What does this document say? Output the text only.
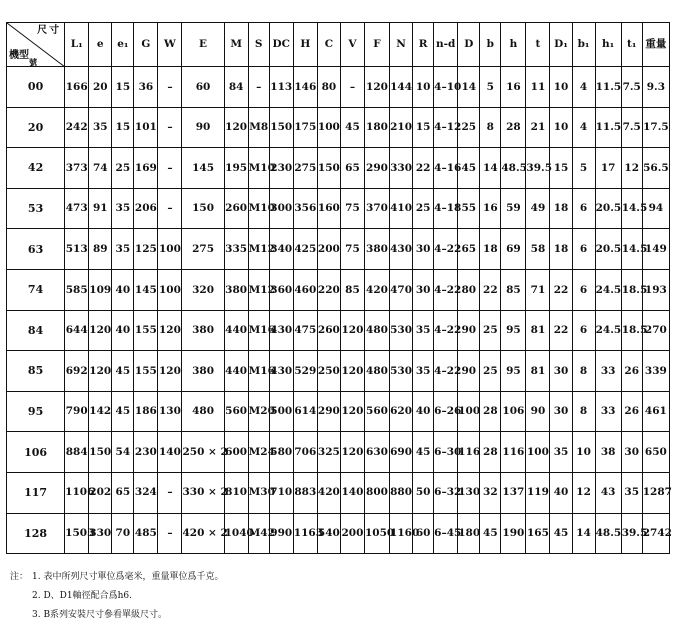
尺寸
機型
號	L₁	e	e₁	G	W	E	M	S	DC	H	C	V	F	N	R	n-d	D	b	h	t	D₁	b₁	h₁	t₁	重量
00	166	20	15	36	–	60	84	–	113	146	80	–	120	144	10	4–10	14	5	16	11	10	4	11.5	7.5	9.3
20	242	35	15	101	–	90	120	M8	150	175	100	45	180	210	15	4–12	25	8	28	21	10	4	11.5	7.5	17.5
42	373	74	25	169	–	145	195	M10	230	275	150	65	290	330	22	4–16	45	14	48.5	39.5	15	5	17	12	56.5
53	473	91	35	206	–	150	260	M10	300	356	160	75	370	410	25	4–18	55	16	59	49	18	6	20.5	14.5	94
63	513	89	35	125	100	275	335	M12	340	425	200	75	380	430	30	4–22	65	18	69	58	18	6	20.5	14.5	149
74	585	109	40	145	100	320	380	M12	360	460	220	85	420	470	30	4–22	80	22	85	71	22	6	24.5	18.5	193
84	644	120	40	155	120	380	440	M16	430	475	260	120	480	530	35	4–22	90	25	95	81	22	6	24.5	18.5	270
85	692	120	45	155	120	380	440	M16	430	529	250	120	480	530	35	4–22	90	25	95	81	30	8	33	26	339
95	790	142	45	186	130	480	560	M20	500	614	290	120	560	620	40	6–26	100	28	106	90	30	8	33	26	461
106	884	150	54	230	140	250 × 2	600	M24	580	706	325	120	630	690	45	6–30	116	28	116	100	35	10	38	30	650
117	1106	202	65	324	–	330 × 2	810	M30	710	883	420	140	800	880	50	6–32	130	32	137	119	40	12	43	35	1287
128	1503	330	70	485	–	420 × 2	1040	M42	990	1163	540	200	1050	1160	60	6–45	180	45	190	165	45	14	48.5	39.5	2742
注： 1. 表中所列尺寸單位爲毫米，重量單位爲千克。
2. D、D1軸徑配合爲h6.
3. B系列安裝尺寸參看單級尺寸。
